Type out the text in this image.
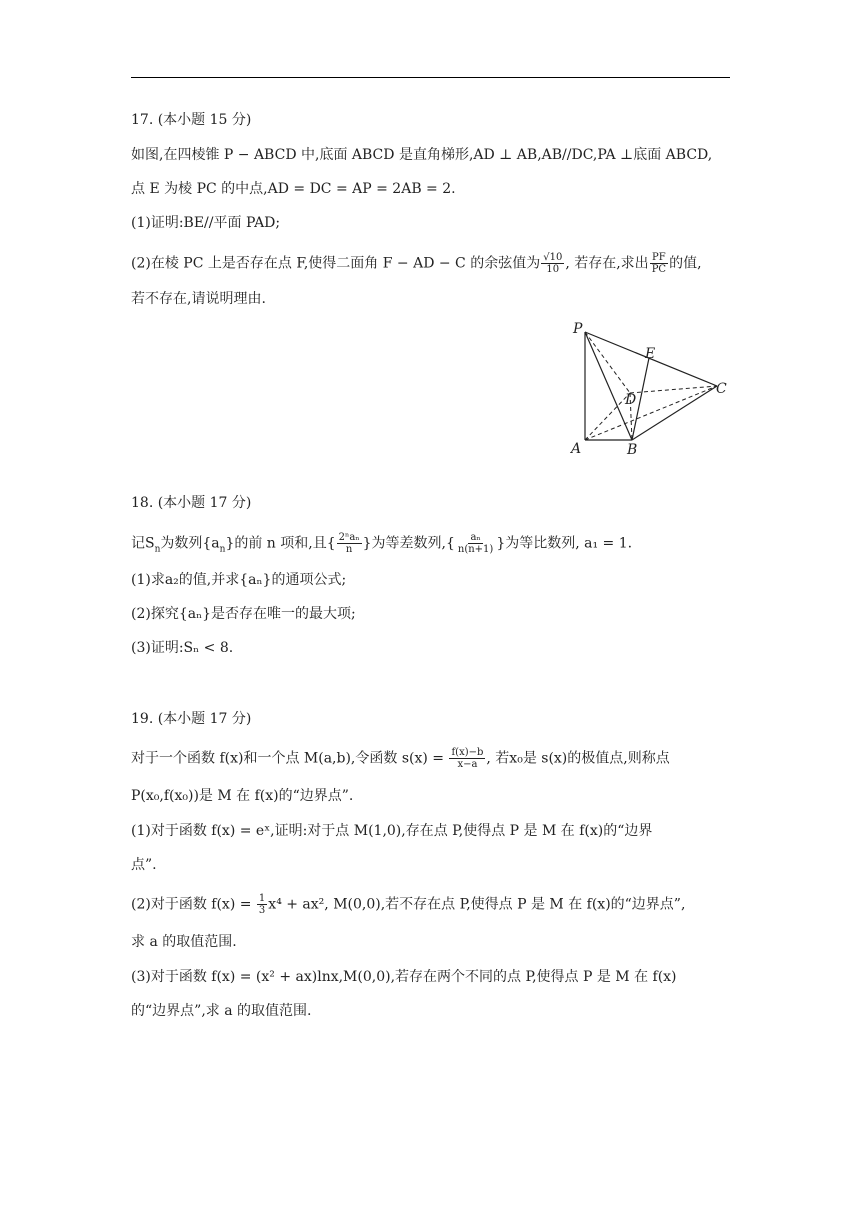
17. (本小题 15 分)
如图,在四棱锥 P − ABCD 中,底面 ABCD 是直角梯形,AD ⊥ AB,AB//DC,PA ⊥底面 ABCD,
点 E 为棱 PC 的中点,AD = DC = AP = 2AB = 2.
(1)证明:BE//平面 PAD;
(2)在棱 PC 上是否存在点 F,使得二面角 F − AD − C 的余弦值为 $\frac{√10}{10}$ , 若存在,求出 $\frac{PF}{PC}$ 的值,
若不存在,请说明理由.
P
E
D
C
A	B
18. (本小题 17 分)
记$S_n$为数列$\{a_n\}$的前 n 项和,且{ $\frac{\text{2ⁿaₙ}}{n}$ }为等差数列,{ $\frac{\text{aₙ}}{n(n+1)}$ }为等比数列, a₁ = 1.
(1)求a₂的值,并求{aₙ}的通项公式;
(2)探究{aₙ}是否存在唯一的最大项;
(3)证明:Sₙ < 8.
19. (本小题 17 分)
对于一个函数 f(x)和一个点 M(a,b),令函数 $s(x) = \frac{f(x)-b}{x-a}$ , 若x₀是 s(x)的极值点,则称点
P(x₀,f(x₀))是 M 在 f(x)的“边界点”.
(1)对于函数 f(x) = eˣ,证明:对于点 M(1,0),存在点 P,使得点 P 是 M 在 f(x)的“边界
点”.
(2)对于函数 $f(x) = \frac{1}{3} x^4 + ax^2$, M(0,0),若不存在点 P,使得点 P 是 M 在 f(x)的“边界点”,
求 a 的取值范围.
(3)对于函数 f(x) = (x² + ax)lnx,M(0,0),若存在两个不同的点 P,使得点 P 是 M 在 f(x)
的“边界点”,求 a 的取值范围.
